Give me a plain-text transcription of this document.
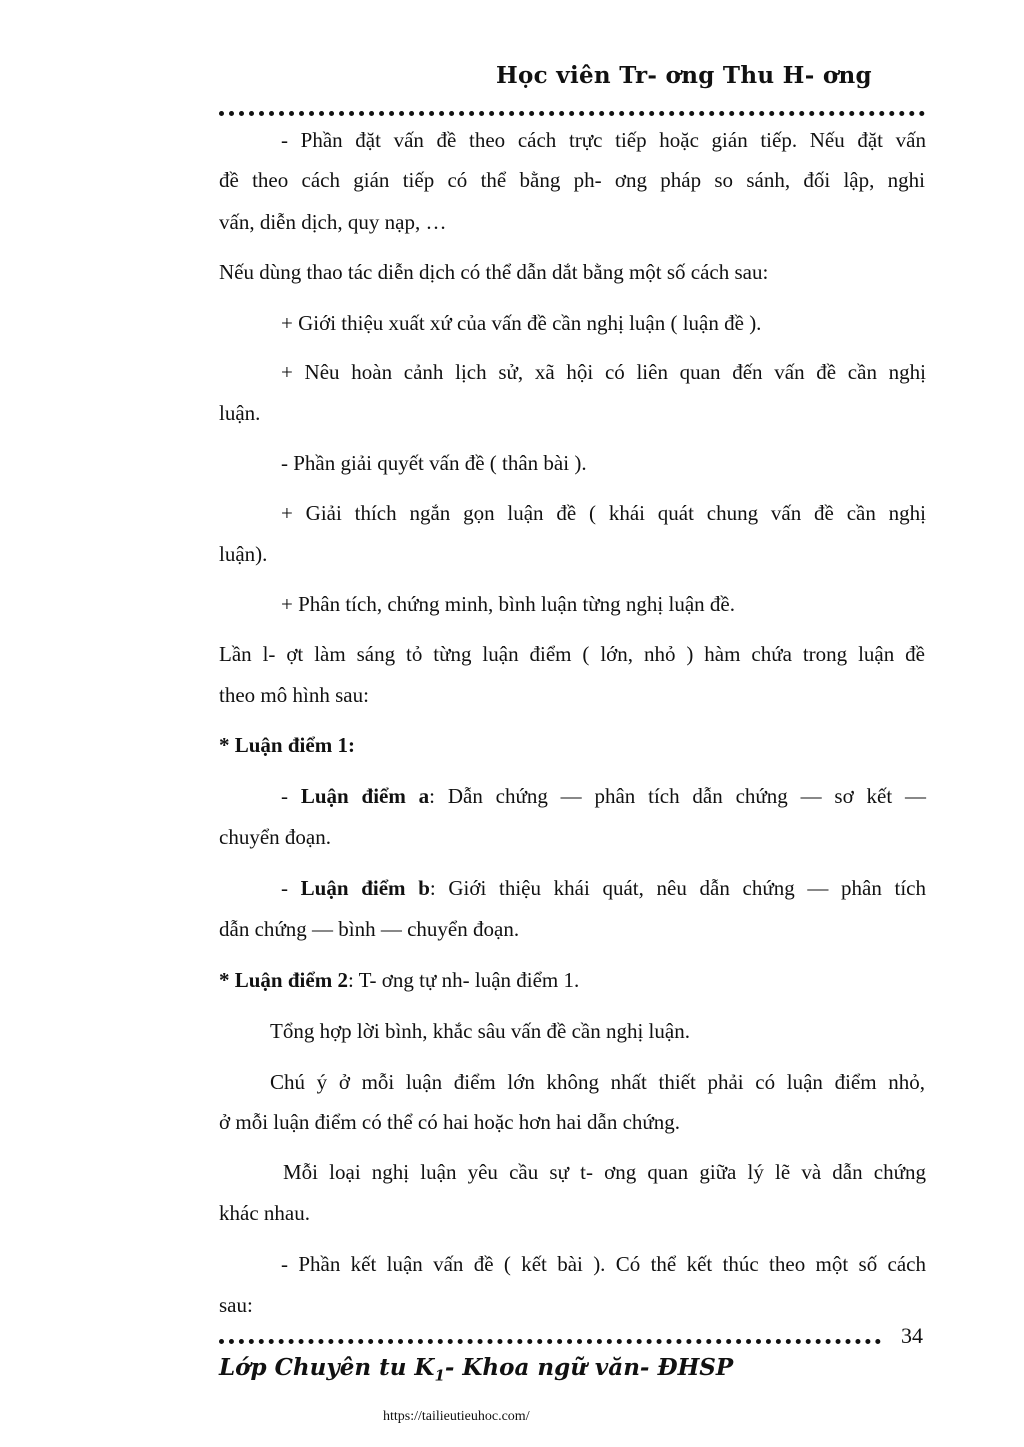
Học viên Tr- ơng Thu H- ơng
- Phần đặt vấn đề theo cách trực tiếp hoặc gián tiếp. Nếu đặt vấn
đề theo cách gián tiếp có thể bằng ph- ơng pháp so sánh, đối lập, nghi
vấn, diễn dịch, quy nạp, …
Nếu dùng thao tác diễn dịch có thể dẫn dắt bằng một số cách sau:
+ Giới thiệu xuất xứ của vấn đề cần nghị luận ( luận đề ).
+ Nêu hoàn cảnh lịch sử, xã hội có liên quan đến vấn đề cần nghị
luận.
- Phần giải quyết vấn đề ( thân bài ).
+ Giải thích ngắn gọn luận đề ( khái quát chung vấn đề cần nghị
luận).
+ Phân tích, chứng minh, bình luận từng nghị luận đề.
Lần l- ợt làm sáng tỏ từng luận điểm ( lớn, nhỏ ) hàm chứa trong luận đề
theo mô hình sau:
* Luận điểm 1:
- Luận điểm a: Dẫn chứng — phân tích dẫn chứng — sơ kết —
chuyển đoạn.
- Luận điểm b: Giới thiệu khái quát, nêu dẫn chứng — phân tích
dẫn chứng — bình — chuyển đoạn.
* Luận điểm 2: T- ơng tự nh- luận điểm 1.
Tổng hợp lời bình, khắc sâu vấn đề cần nghị luận.
Chú ý ở mỗi luận điểm lớn không nhất thiết phải có luận điểm nhỏ,
ở mỗi luận điểm có thể có hai hoặc hơn hai dẫn chứng.
Mỗi loại nghị luận yêu cầu sự t- ơng quan giữa lý lẽ và dẫn chứng
khác nhau.
- Phần kết luận vấn đề ( kết bài ). Có thể kết thúc theo một số cách
sau:
34
Lớp Chuyên tu $K_1-$ Khoa ngữ văn- ĐHSP
https://tailieutieuhoc.com/
